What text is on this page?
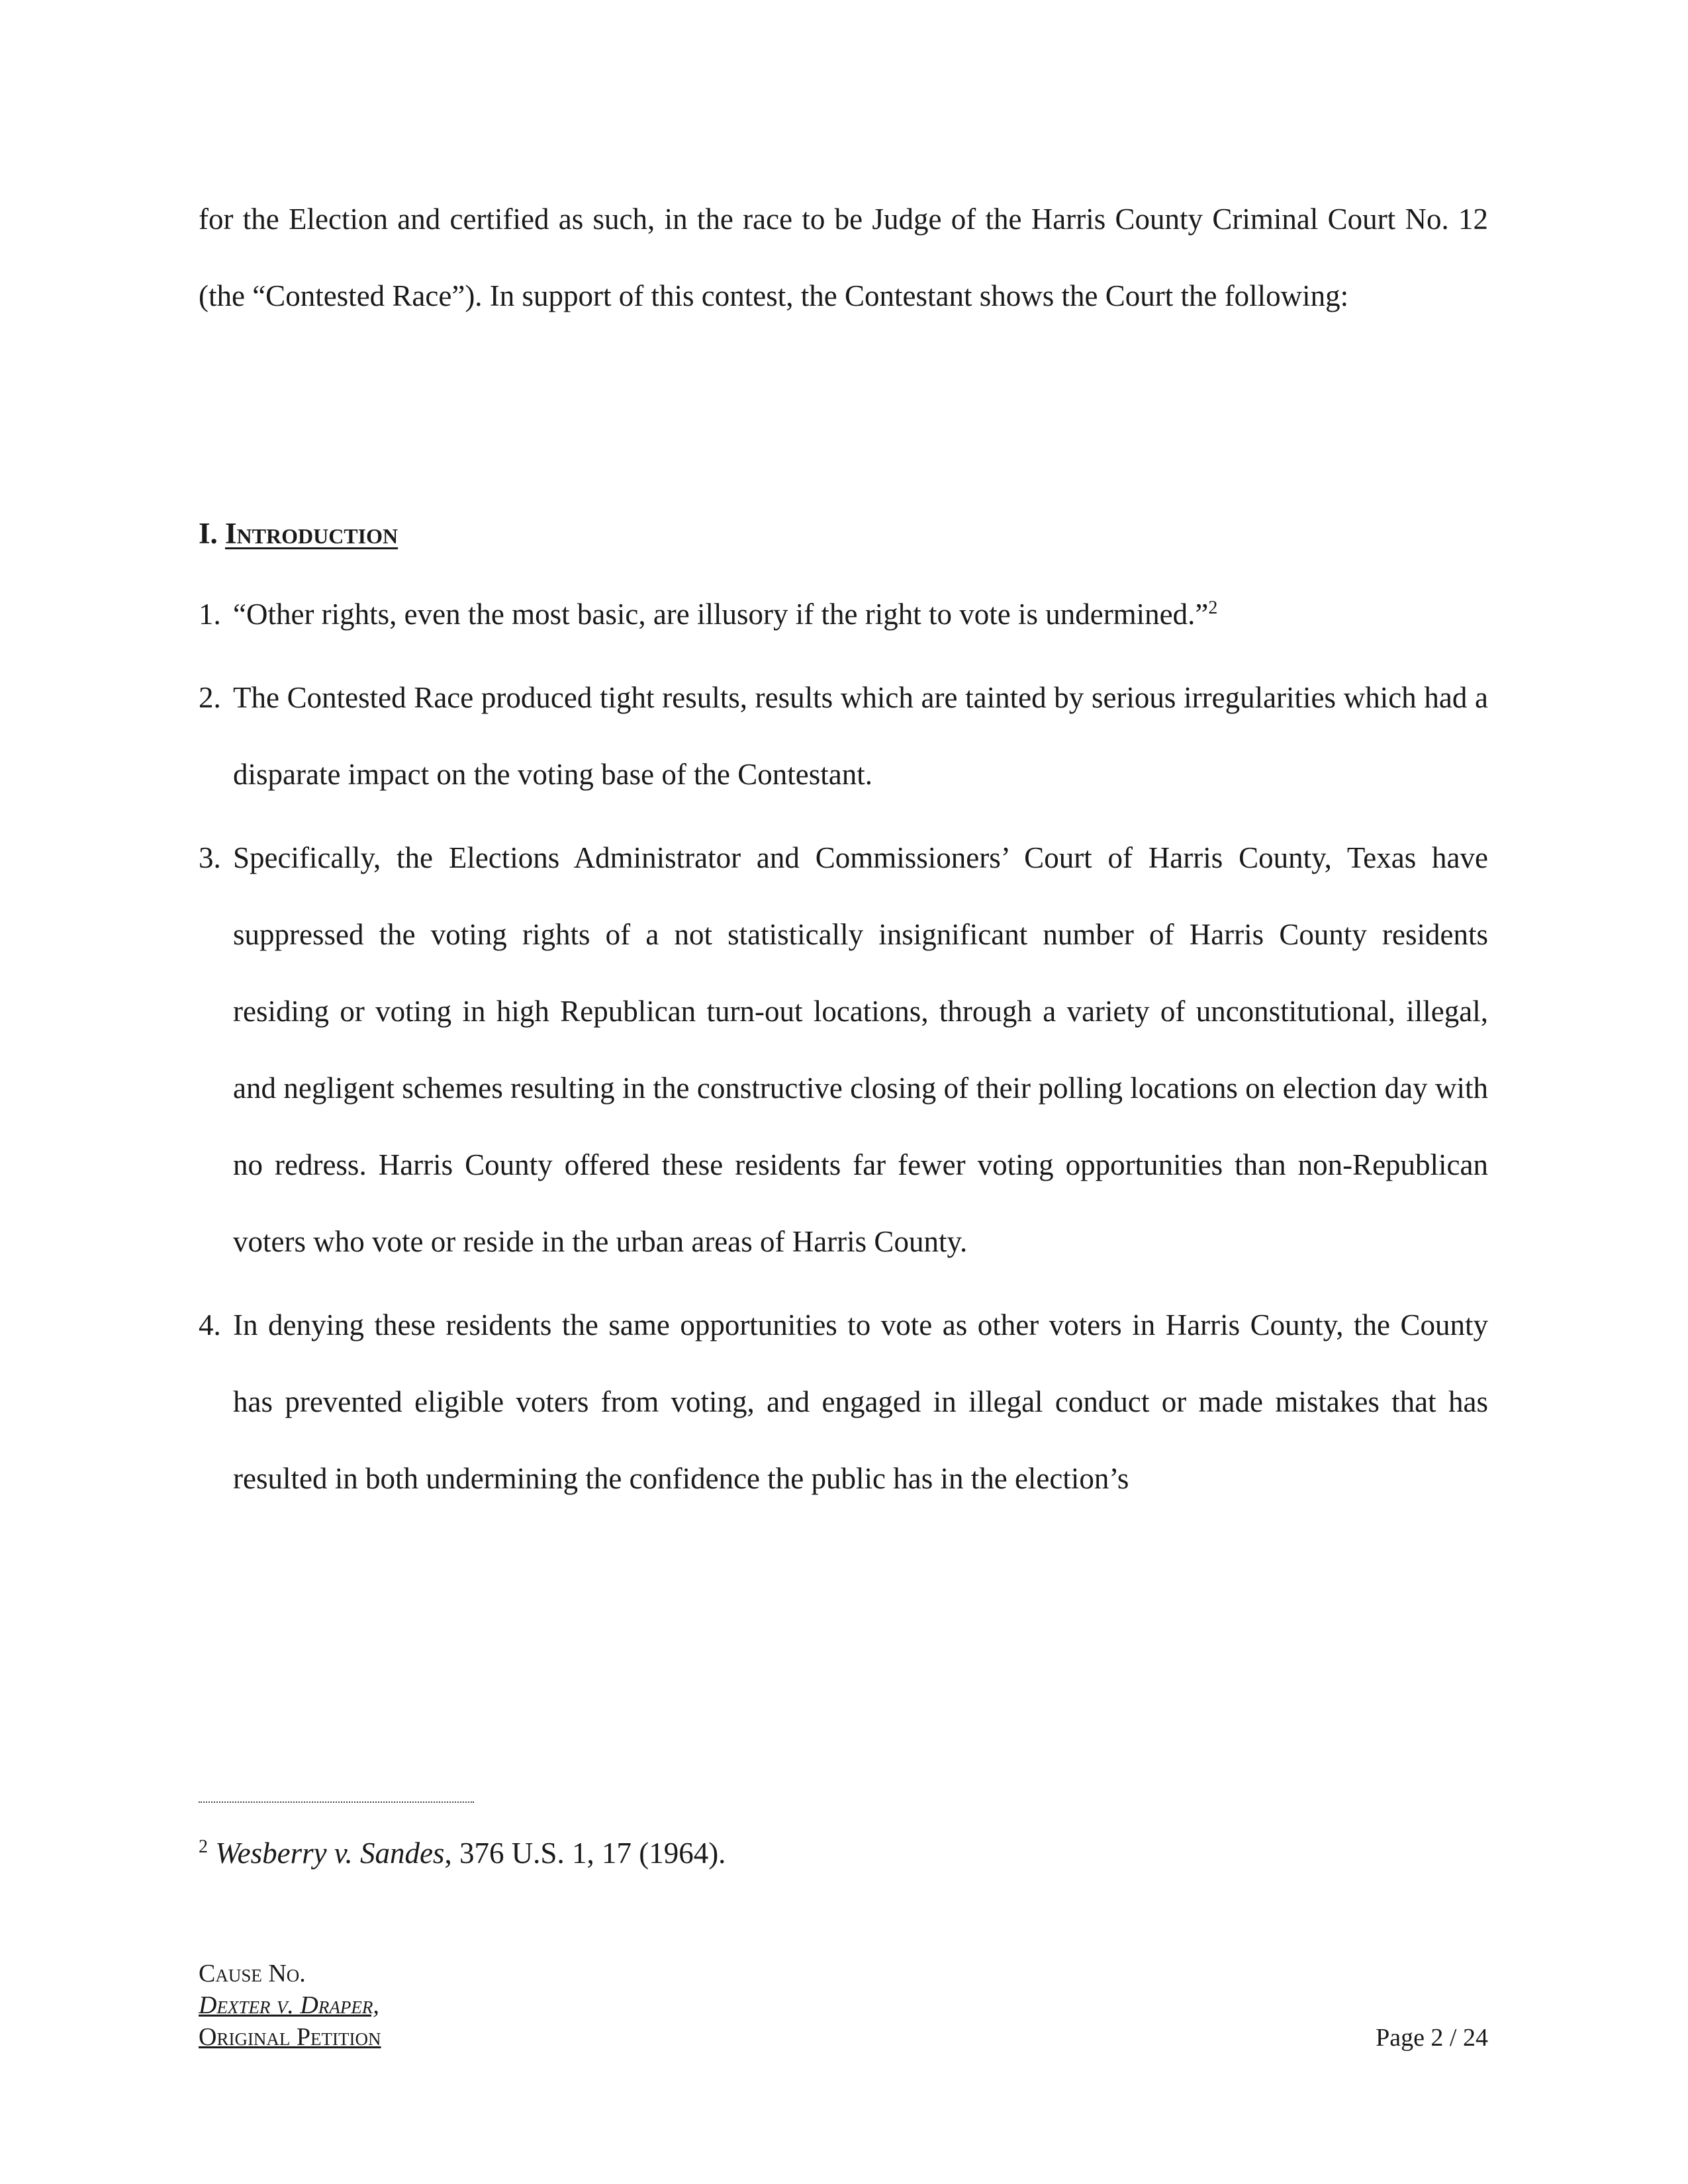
for the Election and certified as such, in the race to be Judge of the Harris County Criminal Court No. 12 (the “Contested Race”). In support of this contest, the Contestant shows the Court the following:

I. Introduction
1. “Other rights, even the most basic, are illusory if the right to vote is undermined.”$^2$
2. The Contested Race produced tight results, results which are tainted by serious irregularities which had a disparate impact on the voting base of the Contestant.
3. Specifically, the Elections Administrator and Commissioners’ Court of Harris County, Texas have suppressed the voting rights of a not statistically insignificant number of Harris County residents residing or voting in high Republican turn-out locations, through a variety of unconstitutional, illegal, and negligent schemes resulting in the constructive closing of their polling locations on election day with no redress. Harris County offered these residents far fewer voting opportunities than non-Republican voters who vote or reside in the urban areas of Harris County.
4. In denying these residents the same opportunities to vote as other voters in Harris County, the County has prevented eligible voters from voting, and engaged in illegal conduct or made mistakes that has resulted in both undermining the confidence the public has in the election’s
$^2$ Wesberry v. Sandes, 376 U.S. 1, 17 (1964).
Cause No.
Dexter v. Draper,
Original Petition	Page 2 / 24
